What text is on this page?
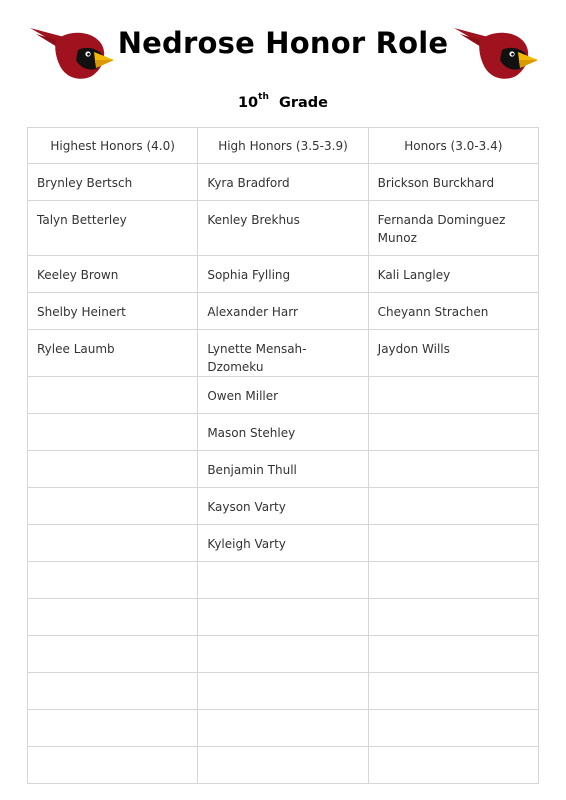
Nedrose Honor Role
10th Grade
Highest Honors (4.0)	High Honors (3.5-3.9)	Honors (3.0-3.4)
Brynley Bertsch	Kyra Bradford	Brickson Burckhard
Talyn Betterley	Kenley Brekhus	Fernanda Dominguez Munoz
Keeley Brown	Sophia Fylling	Kali Langley
Shelby Heinert	Alexander Harr	Cheyann Strachen
Rylee Laumb	Lynette Mensah-Dzomeku	Jaydon Wills
	Owen Miller	
	Mason Stehley	
	Benjamin Thull	
	Kayson Varty	
	Kyleigh Varty	
